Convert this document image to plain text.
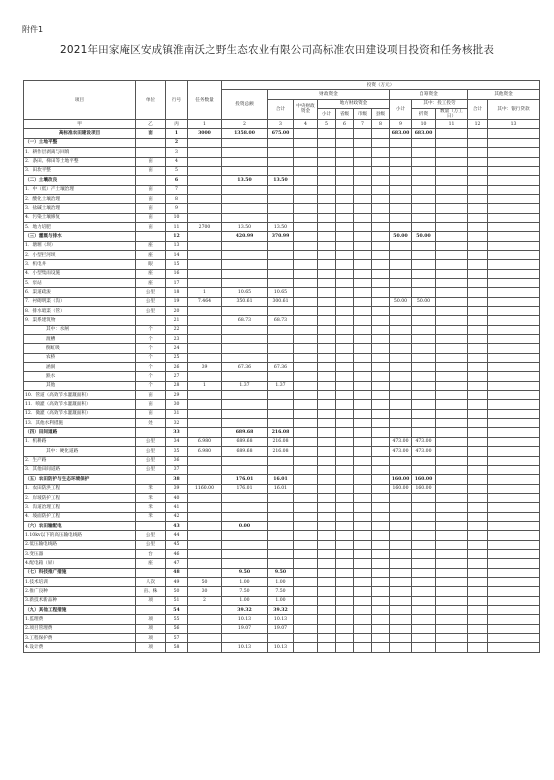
附件1
2021年田家庵区安成镇淮南沃之野生态农业有限公司高标准农田建设项目投资和任务核批表
项目	单位	行号	任务数量	投资（万元）											
				投资总额	财政资金						自筹资金			其他资金	
					合计	中央财政资金	地方财政资金				小计	其中：投工投劳		合计	其中：银行贷款
							小计	省级	市级	县级		折资	数量（万工日）		

甲	乙	丙	1	2	3	4	5	6	7	8	9	10	11	12	13
高标准农田建设项目	亩	1	3000	1358.00	675.00						683.00	683.00			
（一）土地平整		2													
1．耕作层剥离与回填		3													
2．条田、梯田等土地平整	亩	4													
3．田坎平整	亩	5													
（二）土壤改良		6		13.50	13.50										
1．中（低）产土壤治理	亩	7													
2．酸化土壤治理	亩	8													
3．盐碱土壤治理	亩	9													
4．污染土壤修复	亩	10													
5．地力培肥	亩	11	2700	13.50	13.50										
（三）灌溉与排水		12		420.99	370.99						50.00	50.00			
1．塘堰（坝）	座	13													
2．小型拦河坝	座	14													
3．机电井	眼	15													
4．小型集雨设施	座	16													
5．泵站	座	17													
6．渠道疏浚	公里	18	1	10.65	10.65										
7．衬砌明渠（沟）	公里	19	7.464	350.61	300.61						50.00	50.00			
8．排水暗渠（管）	公里	20													
9．渠系建筑物		21		68.73	68.73										
其中：水闸	个	22													
渡槽	个	23													
倒虹吸	个	24													
农桥	个	25													
涵洞	个	26	39	67.36	67.36										
跌水	个	27													
其他	个	28	1	1.37	1.37										
10．管道（高效节水灌溉面积）	亩	29													
11．喷灌（高效节水灌溉面积）	亩	30													
12．微灌（高效节水灌溉面积）	亩	31													
13．其他水利措施	处	32													
（四）田间道路		33		689.68	216.08										
1．机耕路	公里	34	6.980	689.68	216.08						473.00	473.00			
其中：硬化道路	公里	35	6.980	689.68	216.08						473.00	473.00			
2．生产路	公里	36													
3．其他田间道路	公里	37													
（五）农田防护与生态环境保护		38		176.01	16.01						160.00	160.00			
1．农田防洪工程	米	39	1160.00	176.01	16.01						160.00	160.00			
2．岸坡防护工程	米	40													
3．沟道治理工程	米	41													
4．坡面防护工程	米	42													
（六）农田输配电		43		0.00											
1.10kv以下的高压输电线路	公里	44													
2.低压输电线路	公里	45													
3.变压器	台	46													
4.配电箱（屏）	座	47													
（七）科技推广措施		48		9.50	9.50										
1.技术培训	人次	49	50	1.00	1.00										
2.推广良种	亩、株	50	30	7.50	7.50										
3.新技术新品种	项	51	2	1.00	1.00										
（九）其他工程措施		54		39.32	39.32										
1.监理费	项	55		10.13	10.13										
2.项目管理费	项	56		19.07	19.07										
3.工程保护费	项	57													
4.设计费	项	58		10.13	10.13										
